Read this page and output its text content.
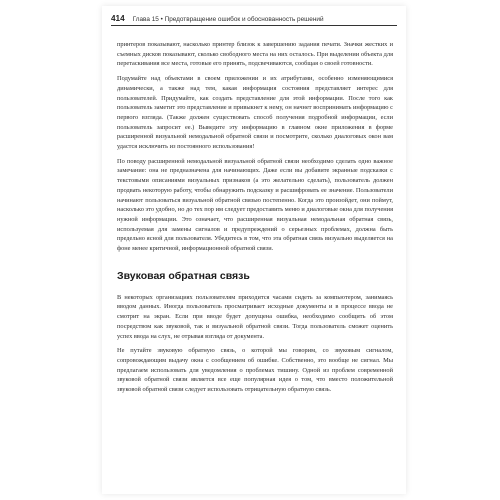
414 Глава 15 • Предотвращение ошибок и обоснованность решений

принтеров показывают, насколько принтер близок к завершению задания печати. Значки жестких и съемных дисков показывают, сколько свободного места на них осталось. При выделении объекта для перетаскивания все места, готовые его принять, подсвечиваются, сообщая о своей готовности.

Подумайте над объектами в своем приложении и их атрибутами, особенно изменяющимися динамически, а также над тем, какая информация состояния представляет интерес для пользователей. Придумайте, как создать представление для этой информации. После того как пользователь заметит это представление и привыкнет к нему, он начнет воспринимать информацию с первого взгляда. (Также должен существовать способ получения подробной информации, если пользователь запросит ее.) Выведите эту информацию в главном окне приложения в форме расширенной визуальной немодальной обратной связи и посмотрите, сколько диалоговых окон вам удастся исключить из постоянного использования!

По поводу расширенной немодальной визуальной обратной связи необходимо сделать одно важное замечание: она не предназначена для начинающих. Даже если вы добавите экранные подсказки с текстовыми описаниями визуальных признаков (а это желательно сделать), пользователь должен продвать некоторую работу, чтобы обнаружить подсказку и расшифровать ее значение. Пользователи начинают пользоваться визуальной обратной связью постепенно. Когда это произойдет, они поймут, насколько это удобно, но до тех пор им следует предоставить меню и диалоговые окна для получения нужной информации. Это означает, что расширенная визуальная немодальная обратная связь, используемая для замены сигналов и предупреждений о серьезных проблемах, должна быть предельно ясной для пользователя. Убедитесь в том, что эта обратная связь визуально выделяется на фоне менее критичной, информационной обратной связи.

Звуковая обратная связь

В некоторых организациях пользователям приходится часами сидеть за компьютером, занимаясь вводом данных. Иногда пользователь просматривает исходные документы и в процессе ввода не смотрит на экран. Если при вводе будет допущена ошибка, необходимо сообщить об этом посредством как звуковой, так и визуальной обратной связи. Тогда пользователь сможет оценить успех ввода на слух, не отрывая взгляда от документа.

Не путайте звуковую обратную связь, о которой мы говорим, со звуковым сигналом, сопровождающим выдачу окна с сообщением об ошибке. Собственно, это вообще не сигнал. Мы предлагаем использовать для уведомления о проблемах тишину. Одной из проблем современной звуковой обратной связи является все еще популярная идея о том, что вместо положительной звуковой обратной связи следует использовать отрицательную обратную связь.
